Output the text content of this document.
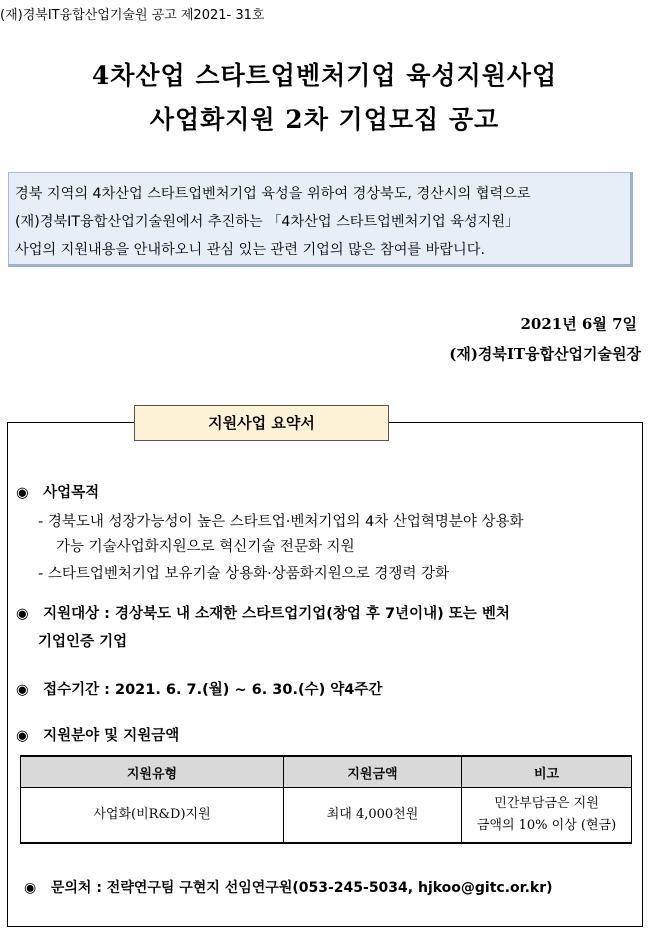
(재)경북IT융합산업기술원 공고 제2021- 31호
4차산업 스타트업벤처기업 육성지원사업
사업화지원 2차 기업모집 공고
경북 지역의 4차산업 스타트업벤처기업 육성을 위하여 경상북도, 경산시의 협력으로
(재)경북IT융합산업기술원에서 추진하는 「4차산업 스타트업벤처기업 육성지원」
사업의 지원내용을 안내하오니 관심 있는 관련 기업의 많은 참여를 바랍니다.
2021년 6월 7일
(재)경북IT융합산업기술원장
지원사업 요약서
◉ 사업목적
- 경북도내 성장가능성이 높은 스타트업·벤처기업의 4차 산업혁명분야 상용화
가능 기술사업화지원으로 혁신기술 전문화 지원
- 스타트업벤처기업 보유기술 상용화·상품화지원으로 경쟁력 강화
◉ 지원대상 : 경상북도 내 소재한 스타트업기업(창업 후 7년이내) 또는 벤처
기업인증 기업
◉ 접수기간 : 2021. 6. 7.(월) ~ 6. 30.(수) 약4주간
◉ 지원분야 및 지원금액
지원유형	지원금액	비고
사업화(비R&D)지원	최대 4,000천원	민간부담금은 지원
금액의 10% 이상 (현금)
◉ 문의처 : 전략연구팀 구현지 선임연구원(053-245-5034, hjkoo@gitc.or.kr)
